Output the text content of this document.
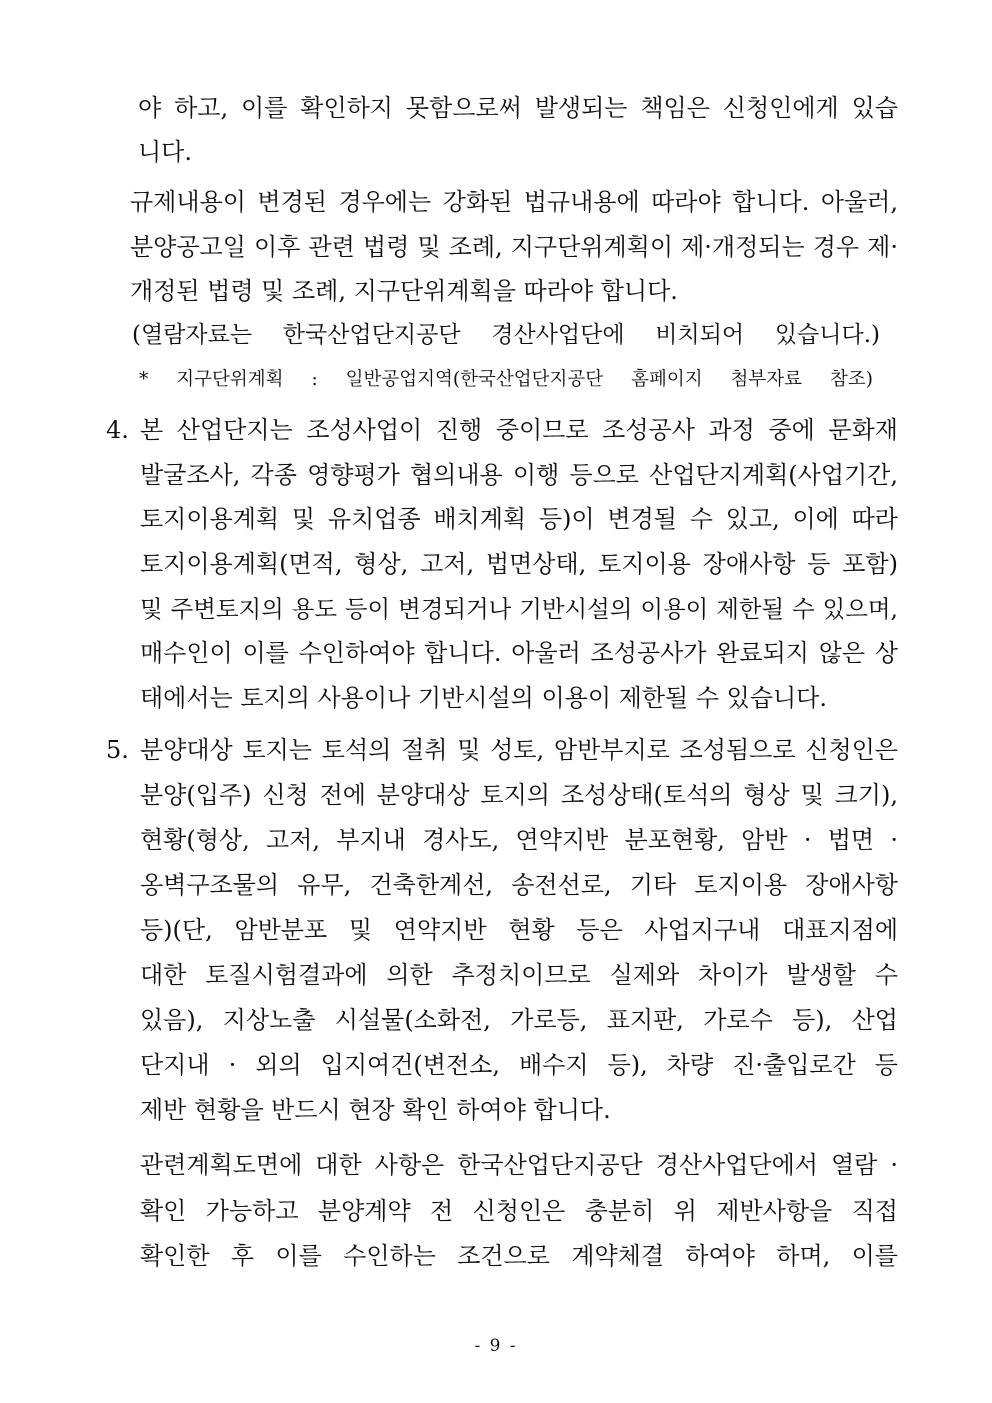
야 하고, 이를 확인하지 못함으로써 발생되는 책임은 신청인에게 있습
니다.
규제내용이 변경된 경우에는 강화된 법규내용에 따라야 합니다. 아울러,
분양공고일 이후 관련 법령 및 조례, 지구단위계획이 제·개정되는 경우 제·
개정된 법령 및 조례, 지구단위계획을 따라야 합니다.
(열람자료는 한국산업단지공단 경산사업단에 비치되어 있습니다.)
* 지구단위계획 : 일반공업지역(한국산업단지공단 홈페이지 첨부자료 참조)
4. 본 산업단지는 조성사업이 진행 중이므로 조성공사 과정 중에 문화재
발굴조사, 각종 영향평가 협의내용 이행 등으로 산업단지계획(사업기간,
토지이용계획 및 유치업종 배치계획 등)이 변경될 수 있고, 이에 따라
토지이용계획(면적, 형상, 고저, 법면상태, 토지이용 장애사항 등 포함)
및 주변토지의 용도 등이 변경되거나 기반시설의 이용이 제한될 수 있으며,
매수인이 이를 수인하여야 합니다. 아울러 조성공사가 완료되지 않은 상
태에서는 토지의 사용이나 기반시설의 이용이 제한될 수 있습니다.
5. 분양대상 토지는 토석의 절취 및 성토, 암반부지로 조성됨으로 신청인은
분양(입주) 신청 전에 분양대상 토지의 조성상태(토석의 형상 및 크기),
현황(형상, 고저, 부지내 경사도, 연약지반 분포현황, 암반 · 법면 ·
옹벽구조물의 유무, 건축한계선, 송전선로, 기타 토지이용 장애사항
등)(단, 암반분포 및 연약지반 현황 등은 사업지구내 대표지점에
대한 토질시험결과에 의한 추정치이므로 실제와 차이가 발생할 수
있음), 지상노출 시설물(소화전, 가로등, 표지판, 가로수 등), 산업
단지내 · 외의 입지여건(변전소, 배수지 등), 차량 진·출입로간 등
제반 현황을 반드시 현장 확인 하여야 합니다.
관련계획도면에 대한 사항은 한국산업단지공단 경산사업단에서 열람 ·
확인 가능하고 분양계약 전 신청인은 충분히 위 제반사항을 직접
확인한 후 이를 수인하는 조건으로 계약체결 하여야 하며, 이를
- 9 -
